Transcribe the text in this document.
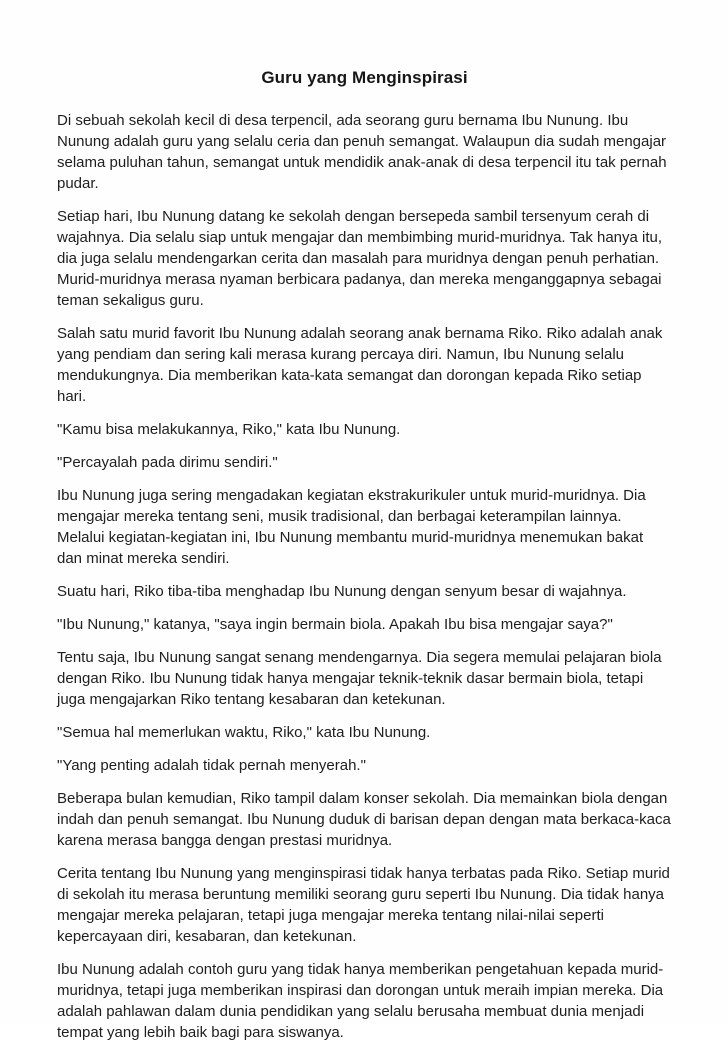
Guru yang Menginspirasi

Di sebuah sekolah kecil di desa terpencil, ada seorang guru bernama Ibu Nunung. Ibu Nunung adalah guru yang selalu ceria dan penuh semangat. Walaupun dia sudah mengajar selama puluhan tahun, semangat untuk mendidik anak-anak di desa terpencil itu tak pernah pudar.

Setiap hari, Ibu Nunung datang ke sekolah dengan bersepeda sambil tersenyum cerah di wajahnya. Dia selalu siap untuk mengajar dan membimbing murid-muridnya. Tak hanya itu, dia juga selalu mendengarkan cerita dan masalah para muridnya dengan penuh perhatian. Murid-muridnya merasa nyaman berbicara padanya, dan mereka menganggapnya sebagai teman sekaligus guru.

Salah satu murid favorit Ibu Nunung adalah seorang anak bernama Riko. Riko adalah anak yang pendiam dan sering kali merasa kurang percaya diri. Namun, Ibu Nunung selalu mendukungnya. Dia memberikan kata-kata semangat dan dorongan kepada Riko setiap hari.

"Kamu bisa melakukannya, Riko," kata Ibu Nunung.

"Percayalah pada dirimu sendiri."

Ibu Nunung juga sering mengadakan kegiatan ekstrakurikuler untuk murid-muridnya. Dia mengajar mereka tentang seni, musik tradisional, dan berbagai keterampilan lainnya. Melalui kegiatan-kegiatan ini, Ibu Nunung membantu murid-muridnya menemukan bakat dan minat mereka sendiri.

Suatu hari, Riko tiba-tiba menghadap Ibu Nunung dengan senyum besar di wajahnya.

"Ibu Nunung," katanya, "saya ingin bermain biola. Apakah Ibu bisa mengajar saya?"

Tentu saja, Ibu Nunung sangat senang mendengarnya. Dia segera memulai pelajaran biola dengan Riko. Ibu Nunung tidak hanya mengajar teknik-teknik dasar bermain biola, tetapi juga mengajarkan Riko tentang kesabaran dan ketekunan.

"Semua hal memerlukan waktu, Riko," kata Ibu Nunung.

"Yang penting adalah tidak pernah menyerah."

Beberapa bulan kemudian, Riko tampil dalam konser sekolah. Dia memainkan biola dengan indah dan penuh semangat. Ibu Nunung duduk di barisan depan dengan mata berkaca-kaca karena merasa bangga dengan prestasi muridnya.

Cerita tentang Ibu Nunung yang menginspirasi tidak hanya terbatas pada Riko. Setiap murid di sekolah itu merasa beruntung memiliki seorang guru seperti Ibu Nunung. Dia tidak hanya mengajar mereka pelajaran, tetapi juga mengajar mereka tentang nilai-nilai seperti kepercayaan diri, kesabaran, dan ketekunan.

Ibu Nunung adalah contoh guru yang tidak hanya memberikan pengetahuan kepada murid-muridnya, tetapi juga memberikan inspirasi dan dorongan untuk meraih impian mereka. Dia adalah pahlawan dalam dunia pendidikan yang selalu berusaha membuat dunia menjadi tempat yang lebih baik bagi para siswanya.
